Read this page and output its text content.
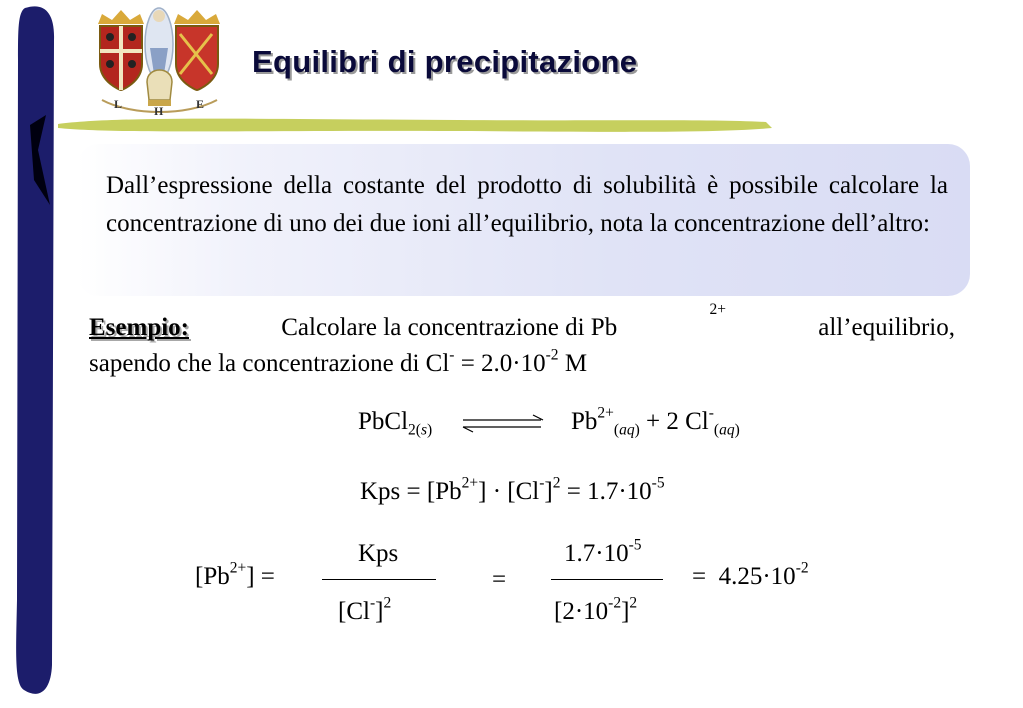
L	H	E
Equilibri di precipitazione
Dall’espressione della costante del prodotto di solubilità è possibile calcolare la concentrazione di uno dei due ioni all’equilibrio, nota la concentrazione dell’altro:
Esempio:	Calcolare la concentrazione di Pb
2+
all’equilibrio,
sapendo che la concentrazione di $Cl^- = 2.0\cdot 10^{-2}$ M
PbCl$_{2(s)}$	$Pb^{2+}_{(aq)} + 2$ $Cl^-_{(aq)}$
Kps = $[Pb^{2+}] \cdot [Cl^-]^2 = 1.7\cdot 10^{-5}$
$[Pb^{2+}]$ =
Kps
$[Cl^-]^2$
=
$1.7\cdot 10^{-5}$
$[2\cdot 10^{-2}]^2$
= $4.25\cdot 10^{-2}$
